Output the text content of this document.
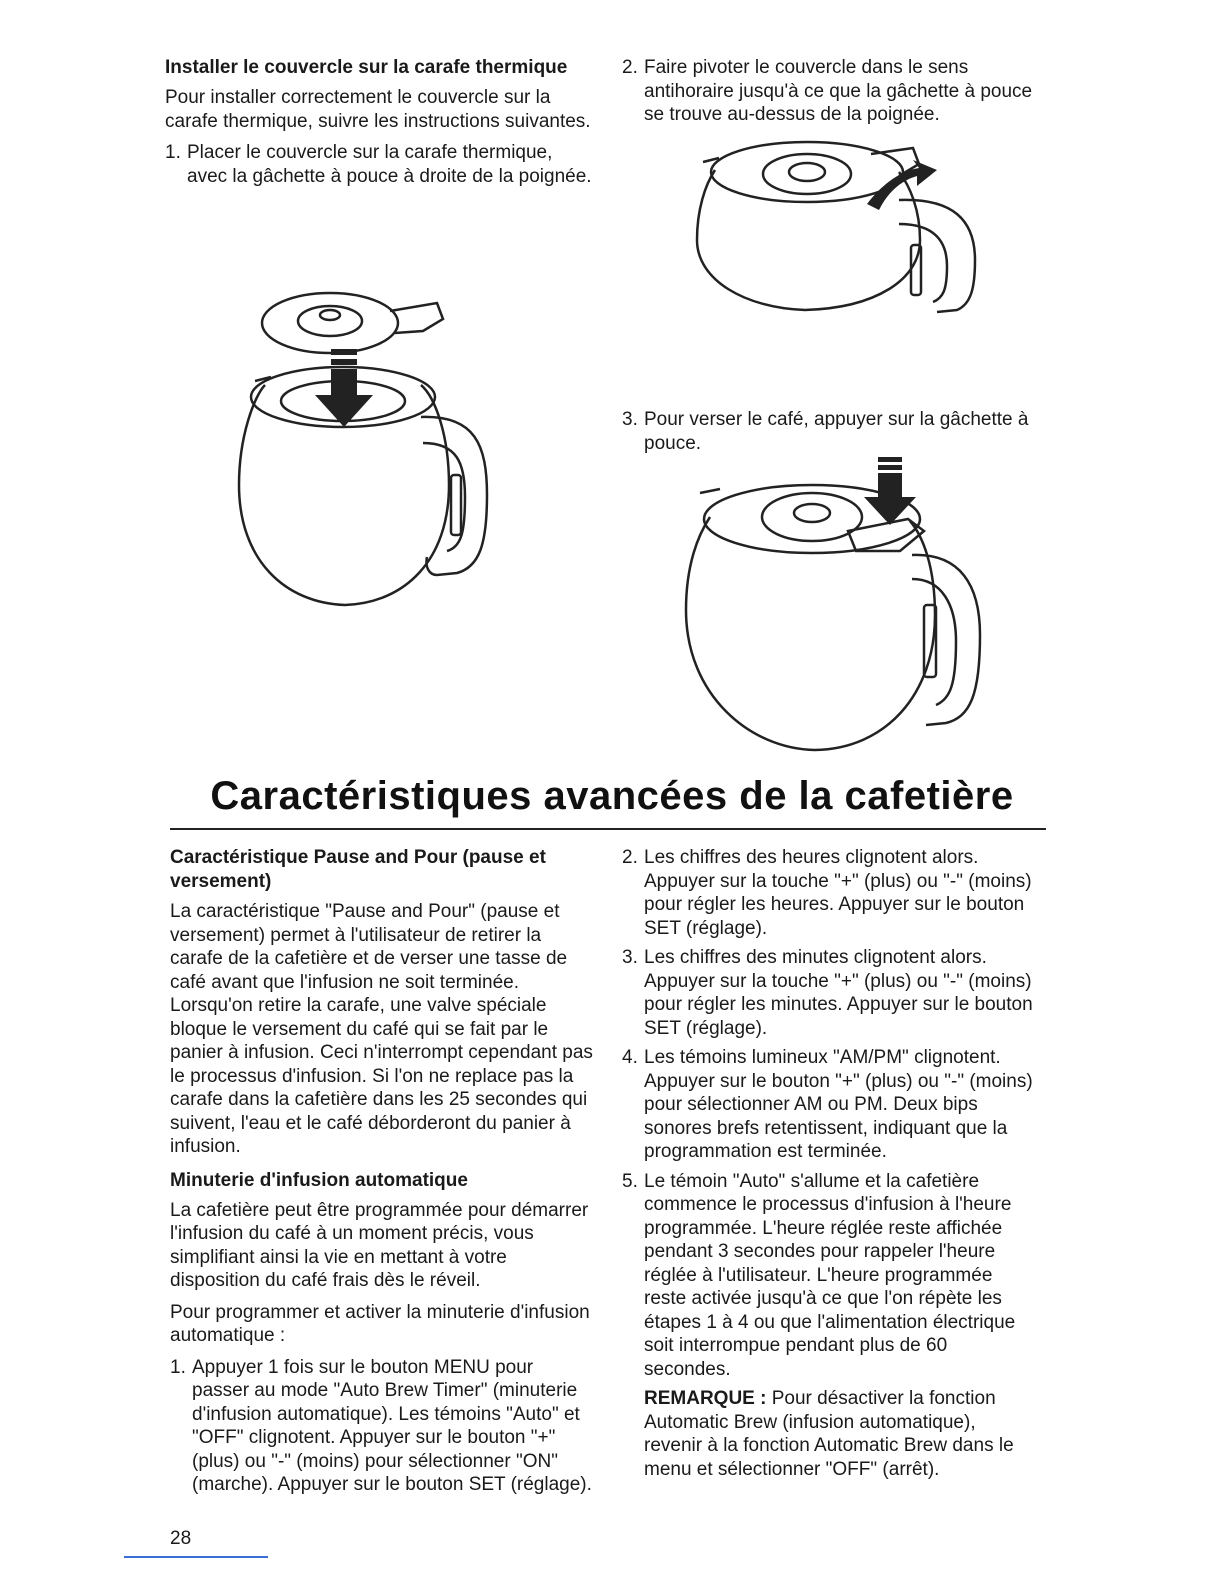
Installer le couvercle sur la carafe thermique

Pour installer correctement le couvercle sur la carafe thermique, suivre les instructions suivantes.

1. Placer le couvercle sur la carafe thermique, avec la gâchette à pouce à droite de la poignée.
2. Faire pivoter le couvercle dans le sens antihoraire jusqu'à ce que la gâchette à pouce se trouve au-dessus de la poignée.
3. Pour verser le café, appuyer sur la gâchette à pouce.
Caractéristiques avancées de la cafetière
Caractéristique Pause and Pour (pause et versement)

La caractéristique "Pause and Pour" (pause et versement) permet à l'utilisateur de retirer la carafe de la cafetière et de verser une tasse de café avant que l'infusion ne soit terminée. Lorsqu'on retire la carafe, une valve spéciale bloque le versement du café qui se fait par le panier à infusion. Ceci n'interrompt cependant pas le processus d'infusion. Si l'on ne replace pas la carafe dans la cafetière dans les 25 secondes qui suivent, l'eau et le café déborderont du panier à infusion.

Minuterie d'infusion automatique

La cafetière peut être programmée pour démarrer l'infusion du café à un moment précis, vous simplifiant ainsi la vie en mettant à votre disposition du café frais dès le réveil.

Pour programmer et activer la minuterie d'infusion automatique :

1. Appuyer 1 fois sur le bouton MENU pour passer au mode "Auto Brew Timer" (minuterie d'infusion automatique). Les témoins "Auto" et "OFF" clignotent. Appuyer sur le bouton "+" (plus) ou "-" (moins) pour sélectionner "ON" (marche). Appuyer sur le bouton SET (réglage).
2. Les chiffres des heures clignotent alors. Appuyer sur la touche "+" (plus) ou "-" (moins) pour régler les heures. Appuyer sur le bouton SET (réglage).
3. Les chiffres des minutes clignotent alors. Appuyer sur la touche "+" (plus) ou "-" (moins) pour régler les minutes. Appuyer sur le bouton SET (réglage).
4. Les témoins lumineux "AM/PM" clignotent. Appuyer sur le bouton "+" (plus) ou "-" (moins) pour sélectionner AM ou PM. Deux bips sonores brefs retentissent, indiquant que la programmation est terminée.
5. Le témoin "Auto" s'allume et la cafetière commence le processus d'infusion à l'heure programmée. L'heure réglée reste affichée pendant 3 secondes pour rappeler l'heure réglée à l'utilisateur. L'heure programmée reste activée jusqu'à ce que l'on répète les étapes 1 à 4 ou que l'alimentation électrique soit interrompue pendant plus de 60 secondes.

REMARQUE : Pour désactiver la fonction Automatic Brew (infusion automatique), revenir à la fonction Automatic Brew dans le menu et sélectionner "OFF" (arrêt).

28
